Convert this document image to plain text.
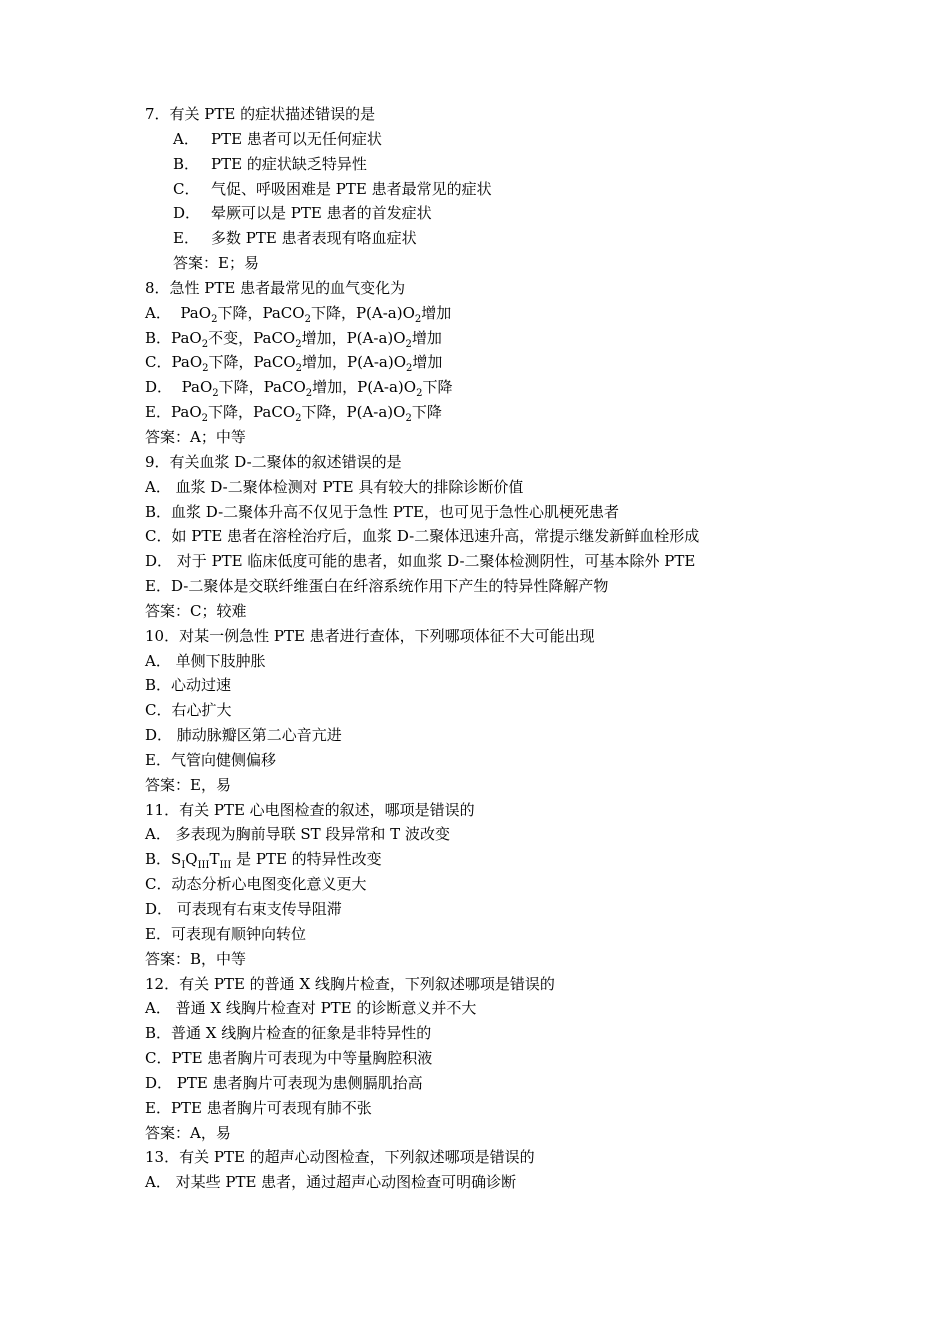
7．有关 PTE 的症状描述错误的是
A． PTE 患者可以无任何症状
B． PTE 的症状缺乏特异性
C． 气促、呼吸困难是 PTE 患者最常见的症状
D． 晕厥可以是 PTE 患者的首发症状
E． 多数 PTE 患者表现有咯血症状
答案：E；易
8．急性 PTE 患者最常见的血气变化为
A． PaO$_2$下降，PaCO$_2$下降，$P(A-a)O_2$增加
B．PaO$_2$不变，PaCO$_2$增加，$P(A-a)O_2$增加
C．PaO$_2$下降，PaCO$_2$增加，$P(A-a)O_2$增加
D． PaO$_2$下降，PaCO$_2$增加，$P(A-a)O_2$下降
E．PaO$_2$下降，PaCO$_2$下降，$P(A-a)O_2$下降
答案：A；中等
9．有关血浆 D-二聚体的叙述错误的是
A． 血浆 D-二聚体检测对 PTE 具有较大的排除诊断价值
B．血浆 D-二聚体升高不仅见于急性 PTE，也可见于急性心肌梗死患者
C．如 PTE 患者在溶栓治疗后，血浆 D-二聚体迅速升高，常提示继发新鲜血栓形成
D． 对于 PTE 临床低度可能的患者，如血浆 D-二聚体检测阴性，可基本除外 PTE
E．D-二聚体是交联纤维蛋白在纤溶系统作用下产生的特异性降解产物
答案：C；较难
10．对某一例急性 PTE 患者进行查体，下列哪项体征不大可能出现
A． 单侧下肢肿胀
B．心动过速
C．右心扩大
D． 肺动脉瓣区第二心音亢进
E．气管向健侧偏移
答案：E，易
11．有关 PTE 心电图检查的叙述，哪项是错误的
A． 多表现为胸前导联 ST 段异常和 T 波改变
B．$S_IQ_{III}T_{III}$ 是 PTE 的特异性改变
C．动态分析心电图变化意义更大
D． 可表现有右束支传导阻滞
E．可表现有顺钟向转位
答案：B，中等
12．有关 PTE 的普通 X 线胸片检查，下列叙述哪项是错误的
A． 普通 X 线胸片检查对 PTE 的诊断意义并不大
B．普通 X 线胸片检查的征象是非特异性的
C．PTE 患者胸片可表现为中等量胸腔积液
D． PTE 患者胸片可表现为患侧膈肌抬高
E．PTE 患者胸片可表现有肺不张
答案：A，易
13．有关 PTE 的超声心动图检查，下列叙述哪项是错误的
A． 对某些 PTE 患者，通过超声心动图检查可明确诊断
